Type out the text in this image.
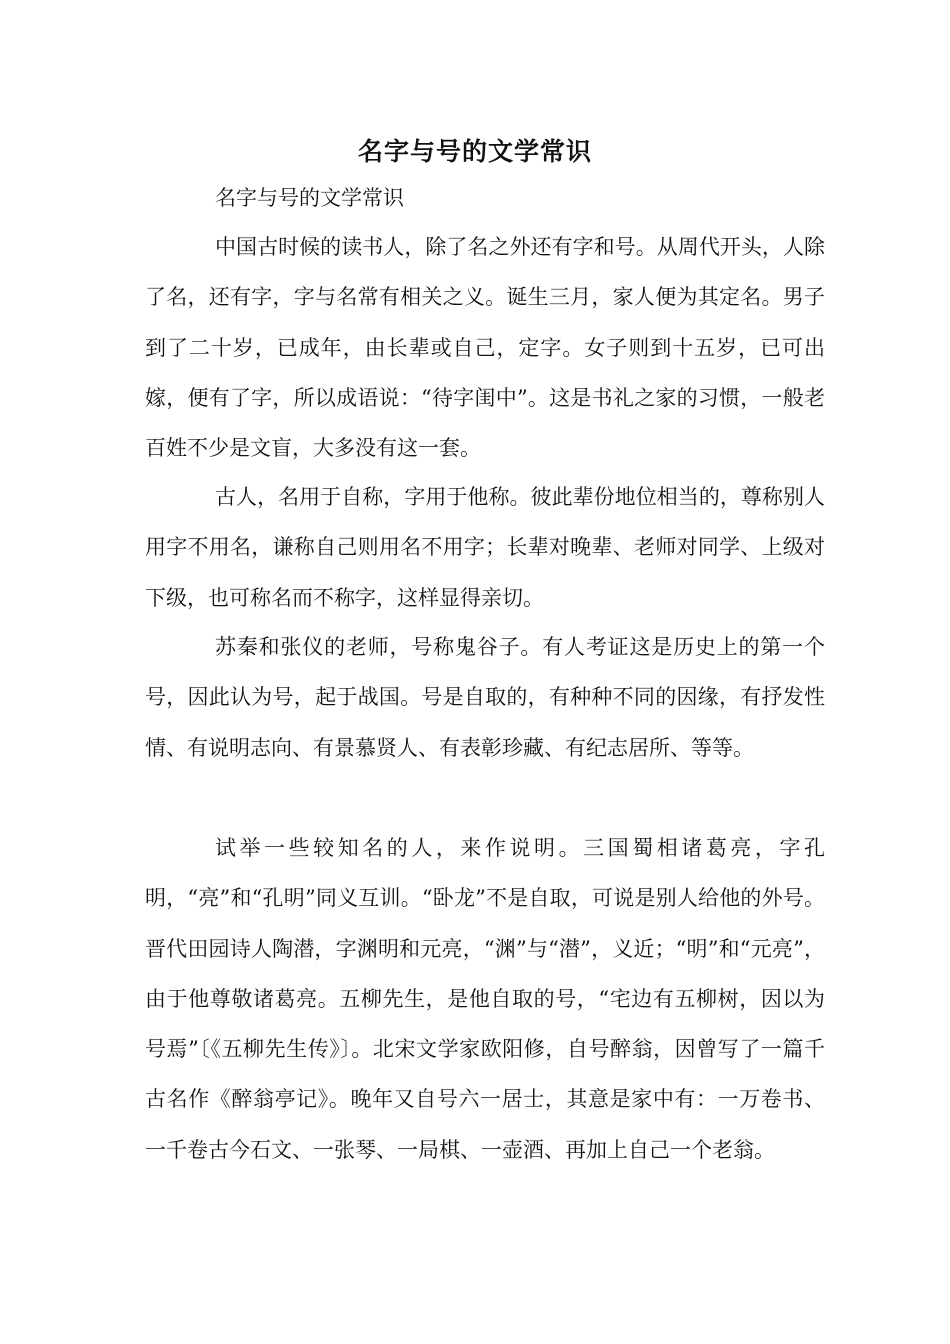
名字与号的文学常识
名字与号的文学常识

中国古时候的读书人，除了名之外还有字和号。从周代开头，人除了名，还有字，字与名常有相关之义。诞生三月，家人便为其定名。男子到了二十岁，已成年，由长辈或自己，定字。女子则到十五岁，已可出嫁，便有了字，所以成语说：“待字闺中”。这是书礼之家的习惯，一般老百姓不少是文盲，大多没有这一套。

古人，名用于自称，字用于他称。彼此辈份地位相当的，尊称别人用字不用名，谦称自己则用名不用字；长辈对晚辈、老师对同学、上级对下级，也可称名而不称字，这样显得亲切。

苏秦和张仪的老师，号称鬼谷子。有人考证这是历史上的第一个号，因此认为号，起于战国。号是自取的，有种种不同的因缘，有抒发性情、有说明志向、有景慕贤人、有表彰珍藏、有纪志居所、等等。

试举一些较知名的人，来作说明。三国蜀相诸葛亮，字孔明，“亮”和“孔明”同义互训。“卧龙”不是自取，可说是别人给他的外号。晋代田园诗人陶潜，字渊明和元亮，“渊”与“潜”，义近；“明”和“元亮”，由于他尊敬诸葛亮。五柳先生，是他自取的号，“宅边有五柳树，因以为号焉”〔《五柳先生传》〕。北宋文学家欧阳修，自号醉翁，因曾写了一篇千古名作《醉翁亭记》。晚年又自号六一居士，其意是家中有：一万卷书、一千卷古今石文、一张琴、一局棋、一壶酒、再加上自己一个老翁。
